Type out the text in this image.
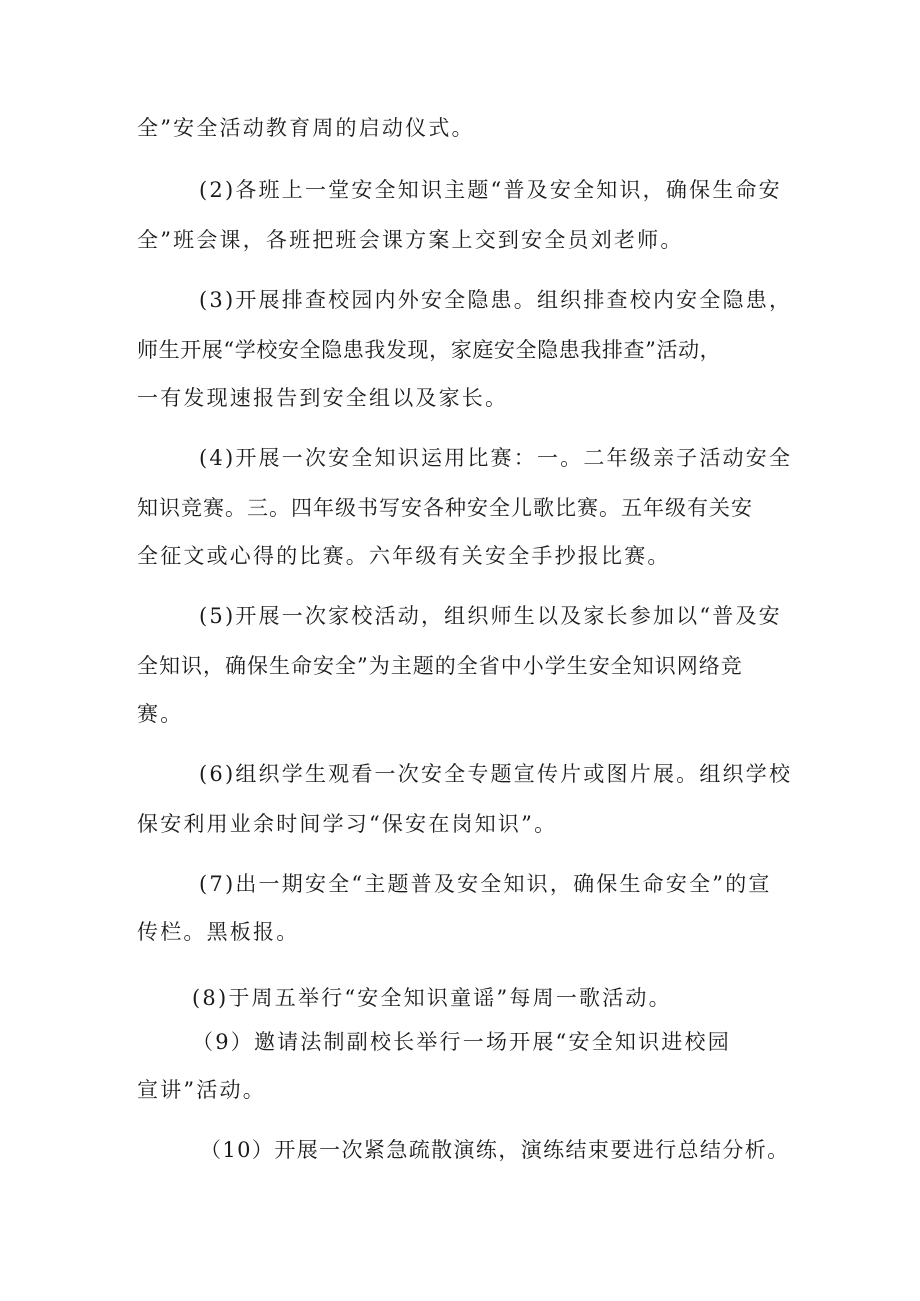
全”安全活动教育周的启动仪式。
(2)各班上一堂安全知识主题“普及安全知识，确保生命安
全”班会课，各班把班会课方案上交到安全员刘老师。
(3)开展排查校园内外安全隐患。组织排查校内安全隐患，
师生开展“学校安全隐患我发现，家庭安全隐患我排查”活动，
一有发现速报告到安全组以及家长。
(4)开展一次安全知识运用比赛：一。二年级亲子活动安全
知识竞赛。三。四年级书写安各种安全儿歌比赛。五年级有关安
全征文或心得的比赛。六年级有关安全手抄报比赛。
(5)开展一次家校活动，组织师生以及家长参加以“普及安
全知识，确保生命安全”为主题的全省中小学生安全知识网络竞
赛。
(6)组织学生观看一次安全专题宣传片或图片展。组织学校
保安利用业余时间学习“保安在岗知识”。
(7)出一期安全“主题普及安全知识，确保生命安全”的宣
传栏。黑板报。
(8)于周五举行“安全知识童谣”每周一歌活动。
（9）邀请法制副校长举行一场开展“安全知识进校园
宣讲”活动。
（10）开展一次紧急疏散演练，演练结束要进行总结分析。
